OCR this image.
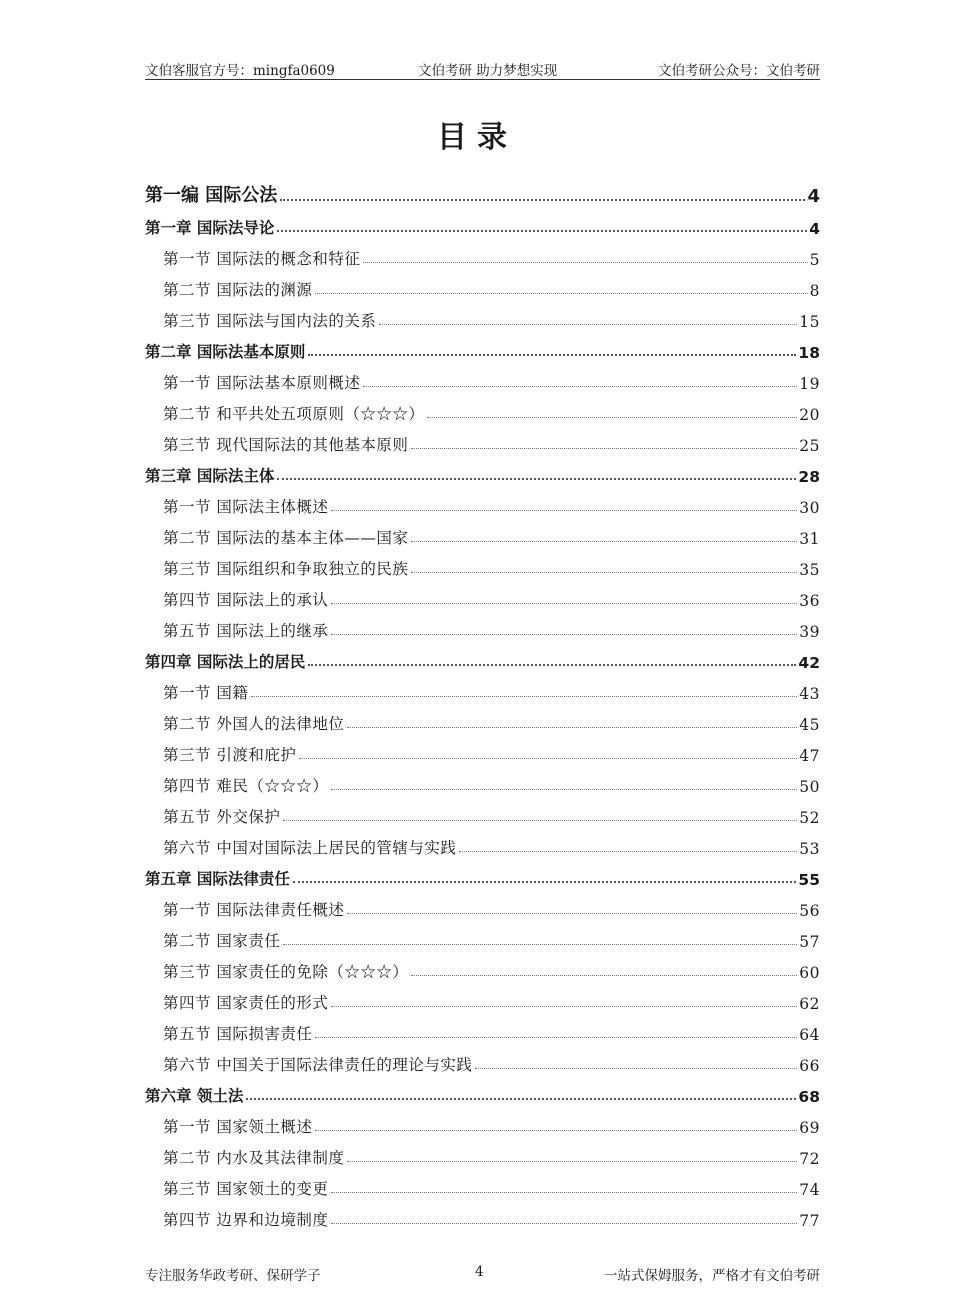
文伯客服官方号：mingfa0609	文伯考研 助力梦想实现	文伯考研公众号：文伯考研
目录
第一编 国际公法	4
第一章 国际法导论	4
第一节 国际法的概念和特征	5
第二节 国际法的渊源	8
第三节 国际法与国内法的关系	15
第二章 国际法基本原则	18
第一节 国际法基本原则概述	19
第二节 和平共处五项原则（☆☆☆）	20
第三节 现代国际法的其他基本原则	25
第三章 国际法主体	28
第一节 国际法主体概述	30
第二节 国际法的基本主体——国家	31
第三节 国际组织和争取独立的民族	35
第四节 国际法上的承认	36
第五节 国际法上的继承	39
第四章 国际法上的居民	42
第一节 国籍	43
第二节 外国人的法律地位	45
第三节 引渡和庇护	47
第四节 难民（☆☆☆）	50
第五节 外交保护	52
第六节 中国对国际法上居民的管辖与实践	53
第五章 国际法律责任	55
第一节 国际法律责任概述	56
第二节 国家责任	57
第三节 国家责任的免除（☆☆☆）	60
第四节 国家责任的形式	62
第五节 国际损害责任	64
第六节 中国关于国际法律责任的理论与实践	66
第六章 领土法	68
第一节 国家领土概述	69
第二节 内水及其法律制度	72
第三节 国家领土的变更	74
第四节 边界和边境制度	77
专注服务华政考研、保研学子	4	一站式保姆服务，严格才有文伯考研
